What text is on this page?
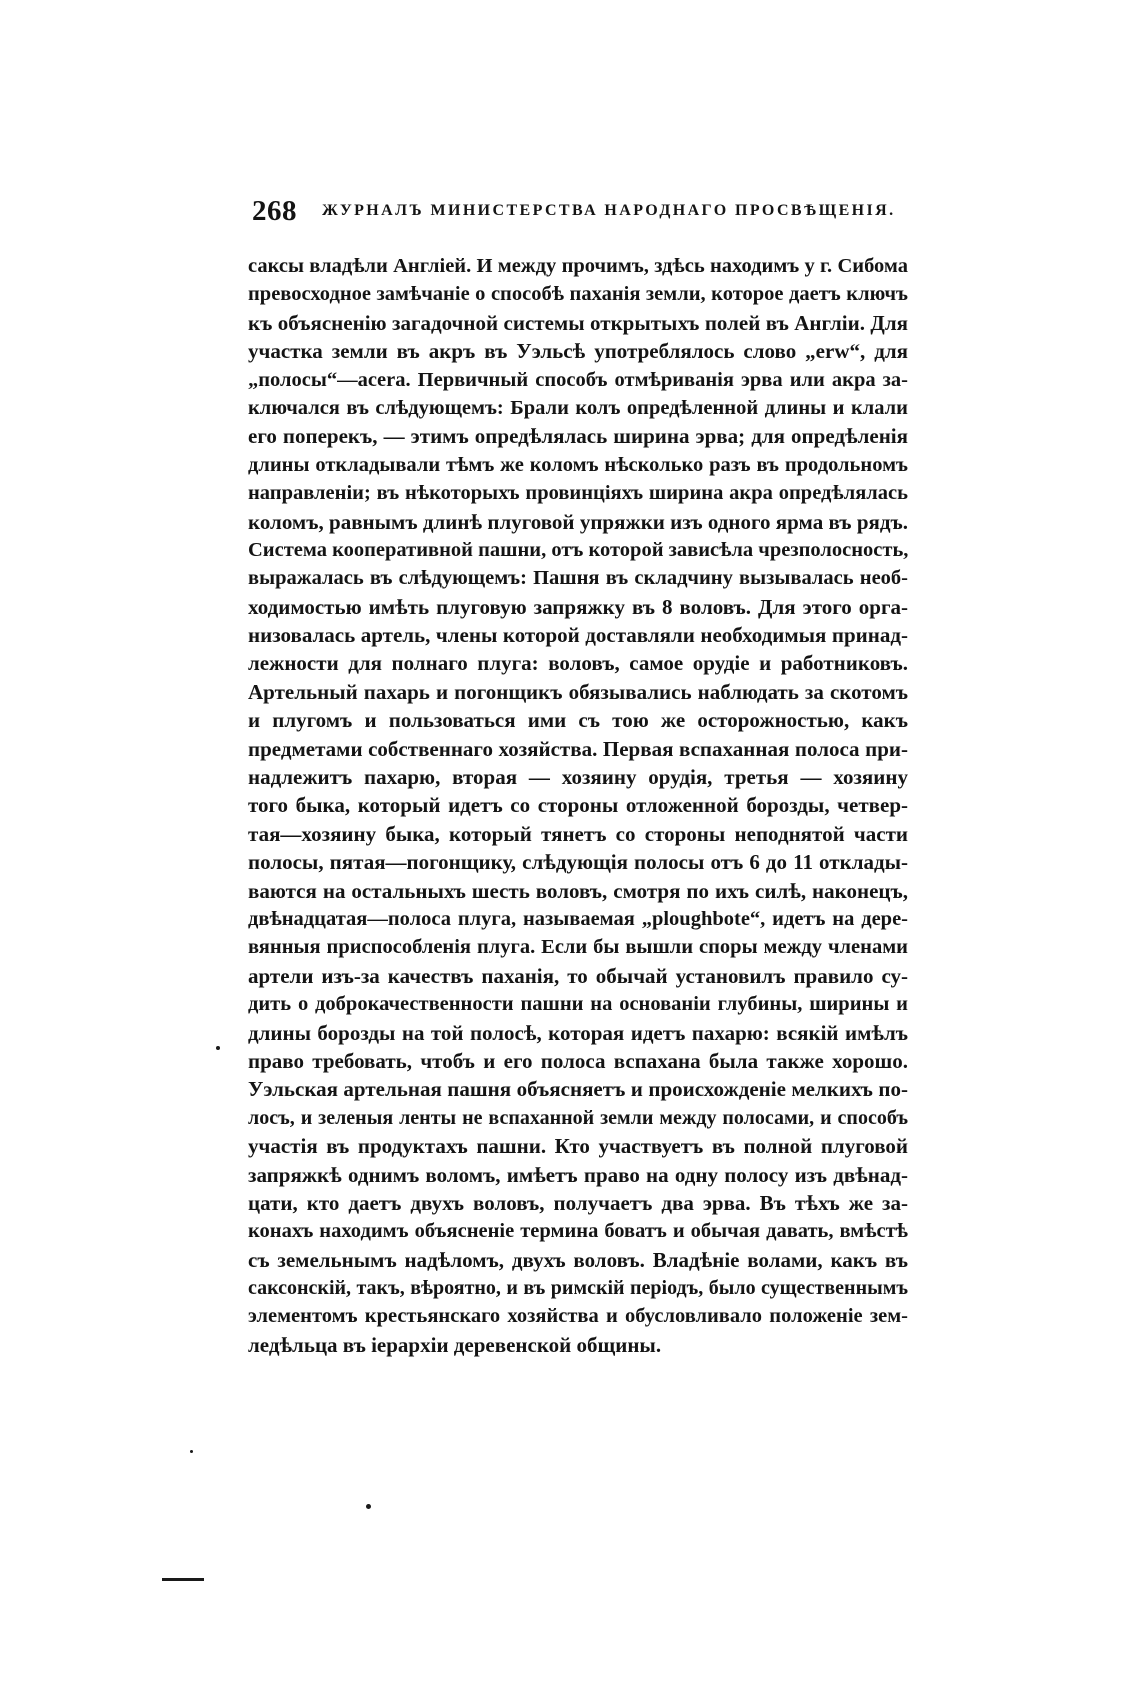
268 ЖУРНАЛЪ МИНИСТЕРСТВА НАРОДНАГО ПРОСВѢЩЕНІЯ.
саксы владѣли Англіей. И между прочимъ, здѣсь находимъ у г. Сибома
превосходное замѣчаніе о способѣ паханія земли, которое даетъ ключъ
къ объясненію загадочной системы открытыхъ полей въ Англіи. Для
участка земли въ акръ въ Уэльсѣ употреблялось слово „erw“, для
„полосы“—acera. Первичный способъ отмѣриванія эрва или акра за-
ключался въ слѣдующемъ: Брали колъ опредѣленной длины и клали
его поперекъ, — этимъ опредѣлялась ширина эрва; для опредѣленія
длины откладывали тѣмъ же коломъ нѣсколько разъ въ продольномъ
направленіи; въ нѣкоторыхъ провинціяхъ ширина акра опредѣлялась
коломъ, равнымъ длинѣ плуговой упряжки изъ одного ярма въ рядъ.
Система кооперативной пашни, отъ которой зависѣла чрезполосность,
выражалась въ слѣдующемъ: Пашня въ складчину вызывалась необ-
ходимостью имѣть плуговую запряжку въ 8 воловъ. Для этого орга-
низовалась артель, члены которой доставляли необходимыя принад-
лежности для полнаго плуга: воловъ, самое орудіе и работниковъ.
Артельный пахарь и погонщикъ обязывались наблюдать за скотомъ
и плугомъ и пользоваться ими съ тою же осторожностью, какъ
предметами собственнаго хозяйства. Первая вспаханная полоса при-
надлежитъ пахарю, вторая — хозяину орудія, третья — хозяину
того быка, который идетъ со стороны отложенной борозды, четвер-
тая—хозяину быка, который тянетъ со стороны неподнятой части
полосы, пятая—погонщику, слѣдующія полосы отъ 6 до 11 отклады-
ваются на остальныхъ шесть воловъ, смотря по ихъ силѣ, наконецъ,
двѣнадцатая—полоса плуга, называемая „ploughbote“, идетъ на дере-
вянныя приспособленія плуга. Если бы вышли споры между членами
артели изъ-за качествъ паханія, то обычай установилъ правило су-
дить о доброкачественности пашни на основаніи глубины, ширины и
длины борозды на той полосѣ, которая идетъ пахарю: всякій имѣлъ
право требовать, чтобъ и его полоса вспахана была также хорошо.
Уэльская артельная пашня объясняетъ и происхожденіе мелкихъ по-
лосъ, и зеленыя ленты не вспаханной земли между полосами, и способъ
участія въ продуктахъ пашни. Кто участвуетъ въ полной плуговой
запряжкѣ однимъ воломъ, имѣетъ право на одну полосу изъ двѣнад-
цати, кто даетъ двухъ воловъ, получаетъ два эрва. Въ тѣхъ же за-
конахъ находимъ объясненіе термина боватъ и обычая давать, вмѣстѣ
съ земельнымъ надѣломъ, двухъ воловъ. Владѣніе волами, какъ въ
саксонскій, такъ, вѣроятно, и въ римскій періодъ, было существеннымъ
элементомъ крестьянскаго хозяйства и обусловливало положеніе зем-
ледѣльца въ іерархіи деревенской общины.
